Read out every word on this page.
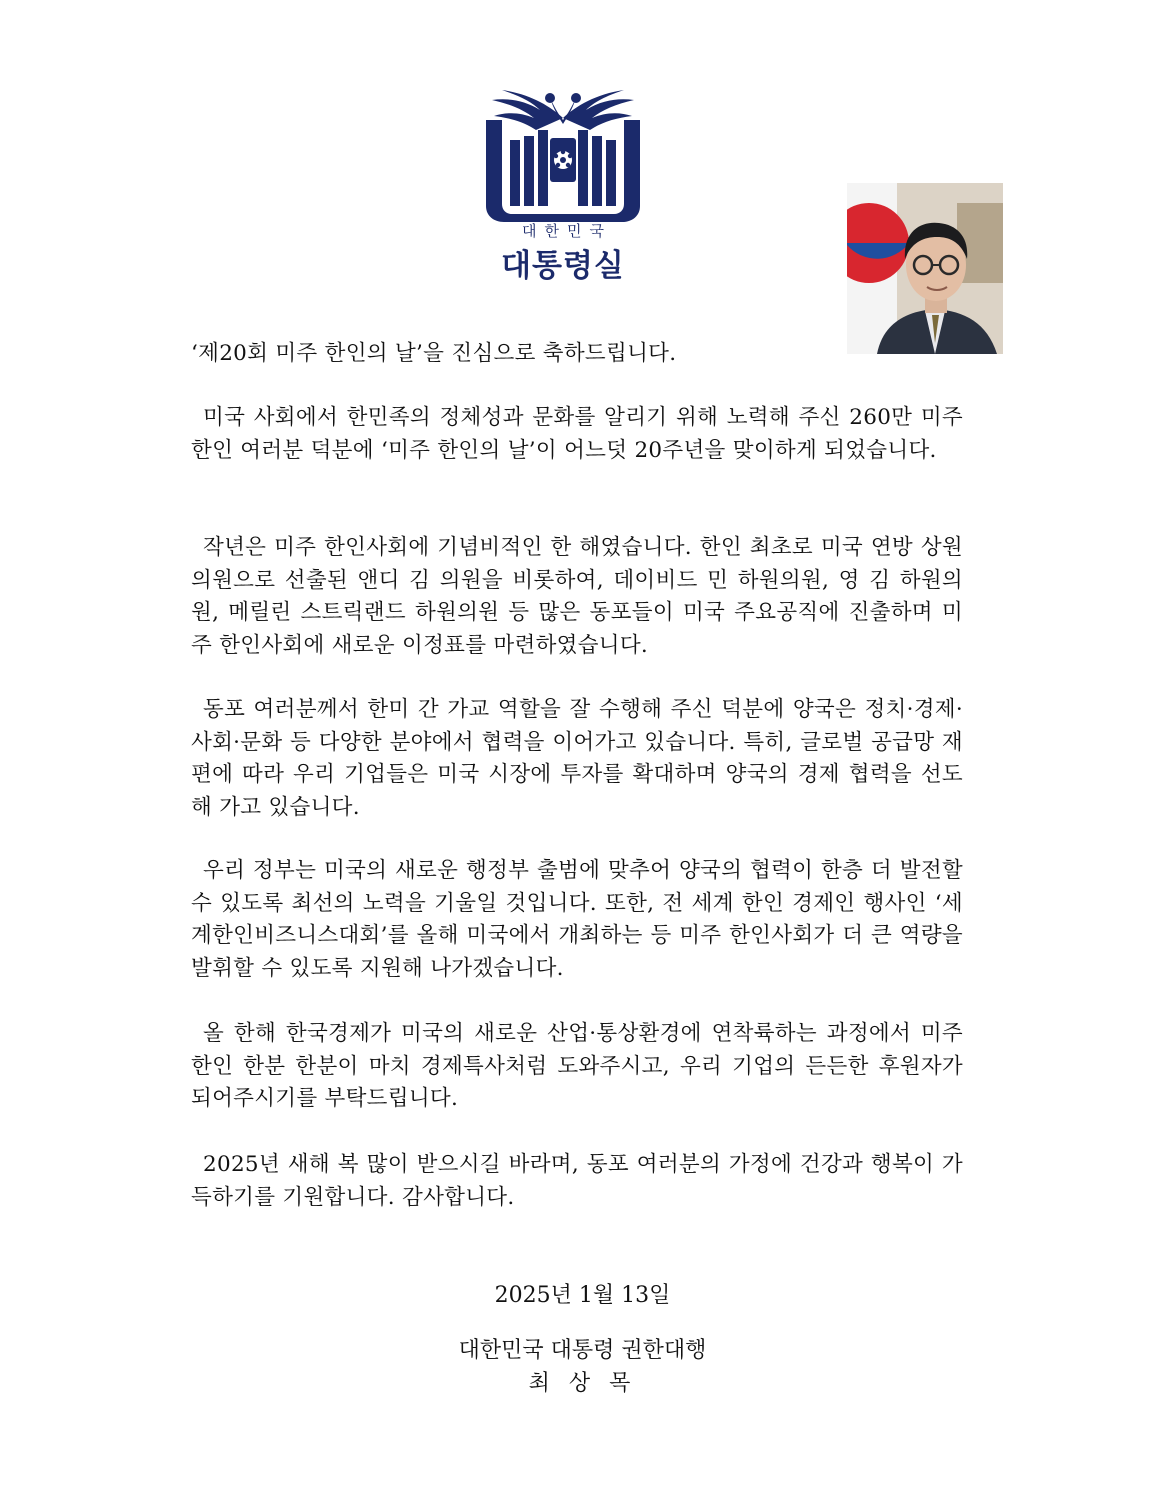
대한민국
대통령실

‘제20회 미주 한인의 날’을 진심으로 축하드립니다.

미국 사회에서 한민족의 정체성과 문화를 알리기 위해 노력해 주신 260만 미주 한인 여러분 덕분에 ‘미주 한인의 날’이 어느덧 20주년을 맞이하게 되었습니다.

작년은 미주 한인사회에 기념비적인 한 해였습니다. 한인 최초로 미국 연방 상원의원으로 선출된 앤디 김 의원을 비롯하여, 데이비드 민 하원의원, 영 김 하원의원, 메릴린 스트릭랜드 하원의원 등 많은 동포들이 미국 주요공직에 진출하며 미주 한인사회에 새로운 이정표를 마련하였습니다.

동포 여러분께서 한미 간 가교 역할을 잘 수행해 주신 덕분에 양국은 정치·경제·사회·문화 등 다양한 분야에서 협력을 이어가고 있습니다. 특히, 글로벌 공급망 재편에 따라 우리 기업들은 미국 시장에 투자를 확대하며 양국의 경제 협력을 선도해 가고 있습니다.

우리 정부는 미국의 새로운 행정부 출범에 맞추어 양국의 협력이 한층 더 발전할 수 있도록 최선의 노력을 기울일 것입니다. 또한, 전 세계 한인 경제인 행사인 ‘세계한인비즈니스대회’를 올해 미국에서 개최하는 등 미주 한인사회가 더 큰 역량을 발휘할 수 있도록 지원해 나가겠습니다.

올 한해 한국경제가 미국의 새로운 산업·통상환경에 연착륙하는 과정에서 미주 한인 한분 한분이 마치 경제특사처럼 도와주시고, 우리 기업의 든든한 후원자가 되어주시기를 부탁드립니다.

2025년 새해 복 많이 받으시길 바라며, 동포 여러분의 가정에 건강과 행복이 가득하기를 기원합니다. 감사합니다.

2025년 1월 13일

대한민국 대통령 권한대행

최 상 목
